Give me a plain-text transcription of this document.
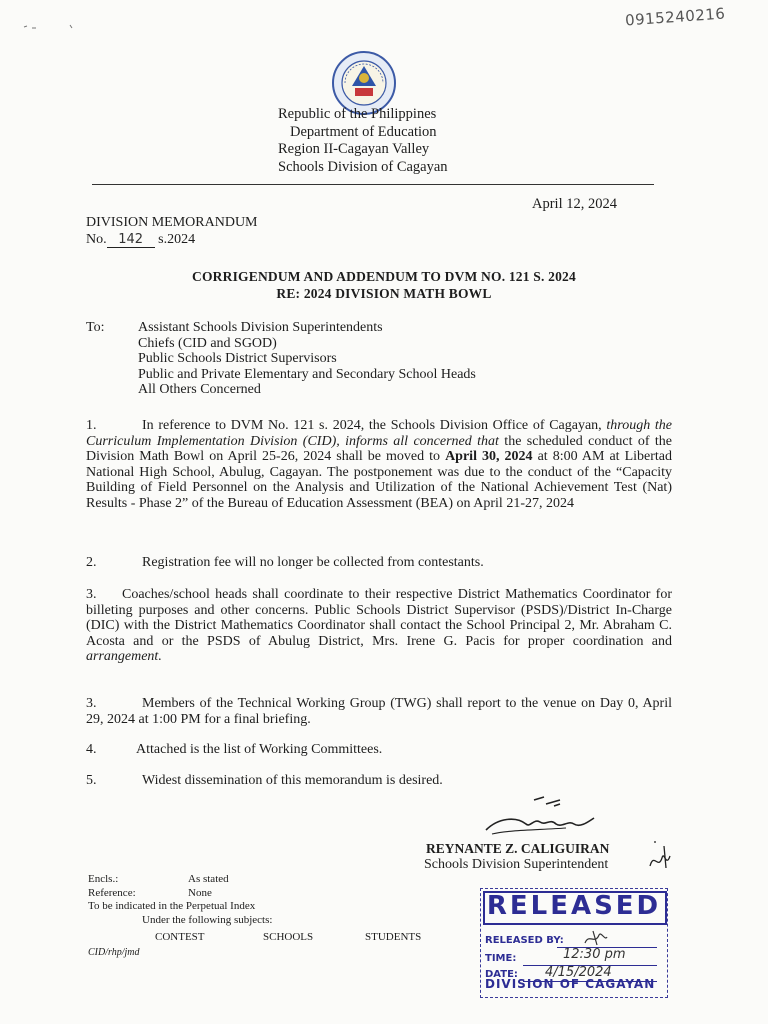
0915240216
Republic of the Philippines
Department of Education
Region II-Cagayan Valley
Schools Division of Cagayan
April 12, 2024
DIVISION MEMORANDUM
No. 142 s.2024
CORRIGENDUM AND ADDENDUM TO DVM NO. 121 S. 2024
RE: 2024 DIVISION MATH BOWL
To: Assistant Schools Division Superintendents
Chiefs (CID and SGOD)
Public Schools District Supervisors
Public and Private Elementary and Secondary School Heads
All Others Concerned
1.	In reference to DVM No. 121 s. 2024, the Schools Division Office of Cagayan, through the Curriculum Implementation Division (CID), informs all concerned that the scheduled conduct of the Division Math Bowl on April 25-26, 2024 shall be moved to April 30, 2024 at 8:00 AM at Libertad National High School, Abulug, Cagayan. The postponement was due to the conduct of the “Capacity Building of Field Personnel on the Analysis and Utilization of the National Achievement Test (Nat) Results - Phase 2” of the Bureau of Education Assessment (BEA) on April 21-27, 2024
2.	Registration fee will no longer be collected from contestants.
3. Coaches/school heads shall coordinate to their respective District Mathematics Coordinator for billeting purposes and other concerns. Public Schools District Supervisor (PSDS)/District In-Charge (DIC) with the District Mathematics Coordinator shall contact the School Principal 2, Mr. Abraham C. Acosta and or the PSDS of Abulug District, Mrs. Irene G. Pacis for proper coordination and arrangement.
3.	Members of the Technical Working Group (TWG) shall report to the venue on Day 0, April 29, 2024 at 1:00 PM for a final briefing.
4.	Attached is the list of Working Committees.
5.	Widest dissemination of this memorandum is desired.
REYNANTE Z. CALIGUIRAN
Schools Division Superintendent
Encls.:	As stated
Reference:	None
To be indicated in the Perpetual Index
Under the following subjects:
CONTEST	SCHOOLS	STUDENTS
CID/rhp/jmd
RELEASED
RELEASED BY:
TIME:	12:30 pm
DATE: 4/15/2024
DIVISION OF CAGAYAN
